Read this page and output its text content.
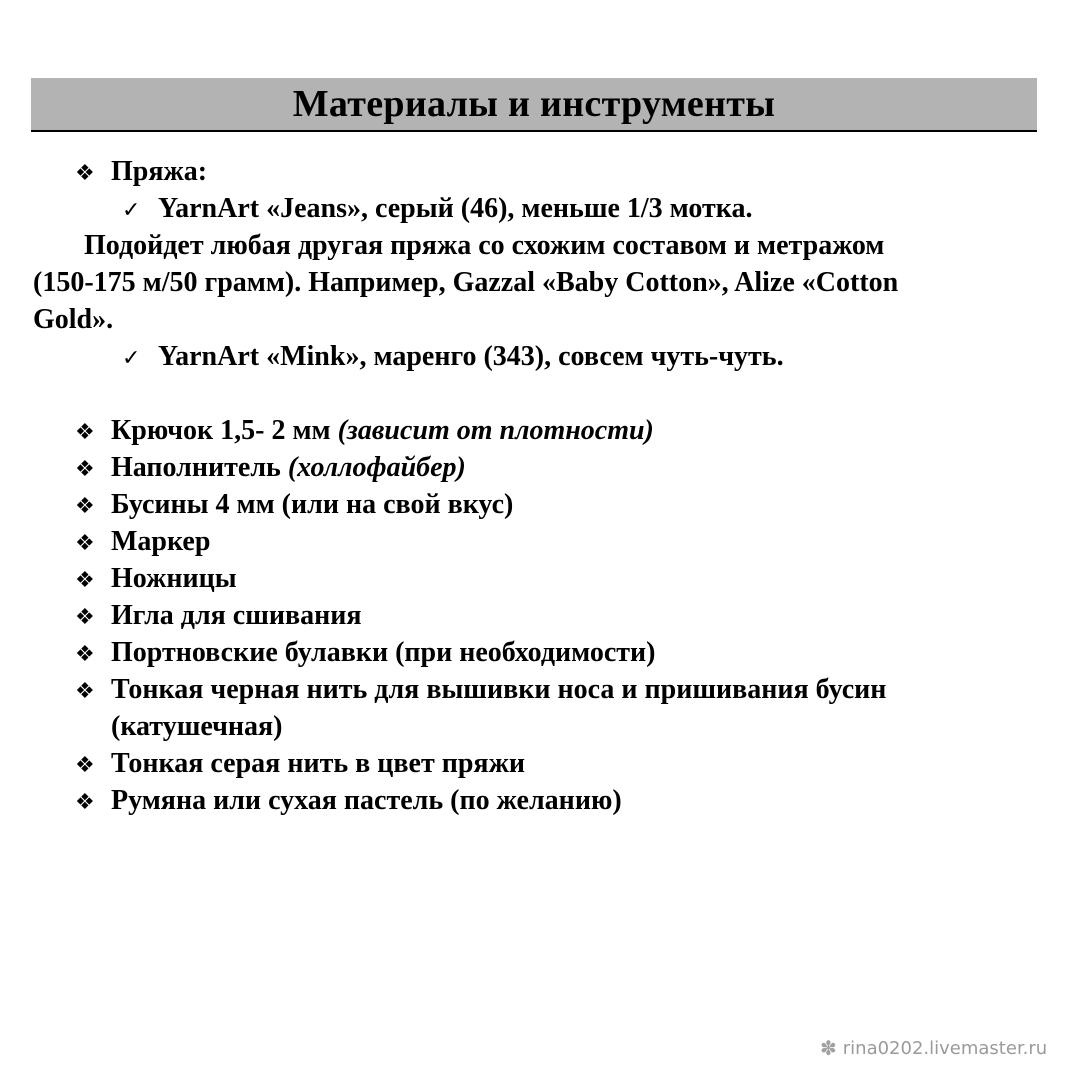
Материалы и инструменты
❖ Пряжа:
✓ YarnArt «Jeans», серый (46), меньше 1/3 мотка.
Подойдет любая другая пряжа со схожим составом и метражом
(150-175 м/50 грамм). Например, Gazzal «Baby Cotton», Alize «Cotton
Gold».
✓ YarnArt «Mink», маренго (343), совсем чуть-чуть.
❖ Крючок 1,5- 2 мм (зависит от плотности)
❖ Наполнитель (холлофайбер)
❖ Бусины 4 мм (или на свой вкус)
❖ Маркер
❖ Ножницы
❖ Игла для сшивания
❖ Портновские булавки (при необходимости)
❖ Тонкая черная нить для вышивки носа и пришивания бусин
(катушечная)
❖ Тонкая серая нить в цвет пряжи
❖ Румяна или сухая пастель (по желанию)
✽ rina0202.livemaster.ru
